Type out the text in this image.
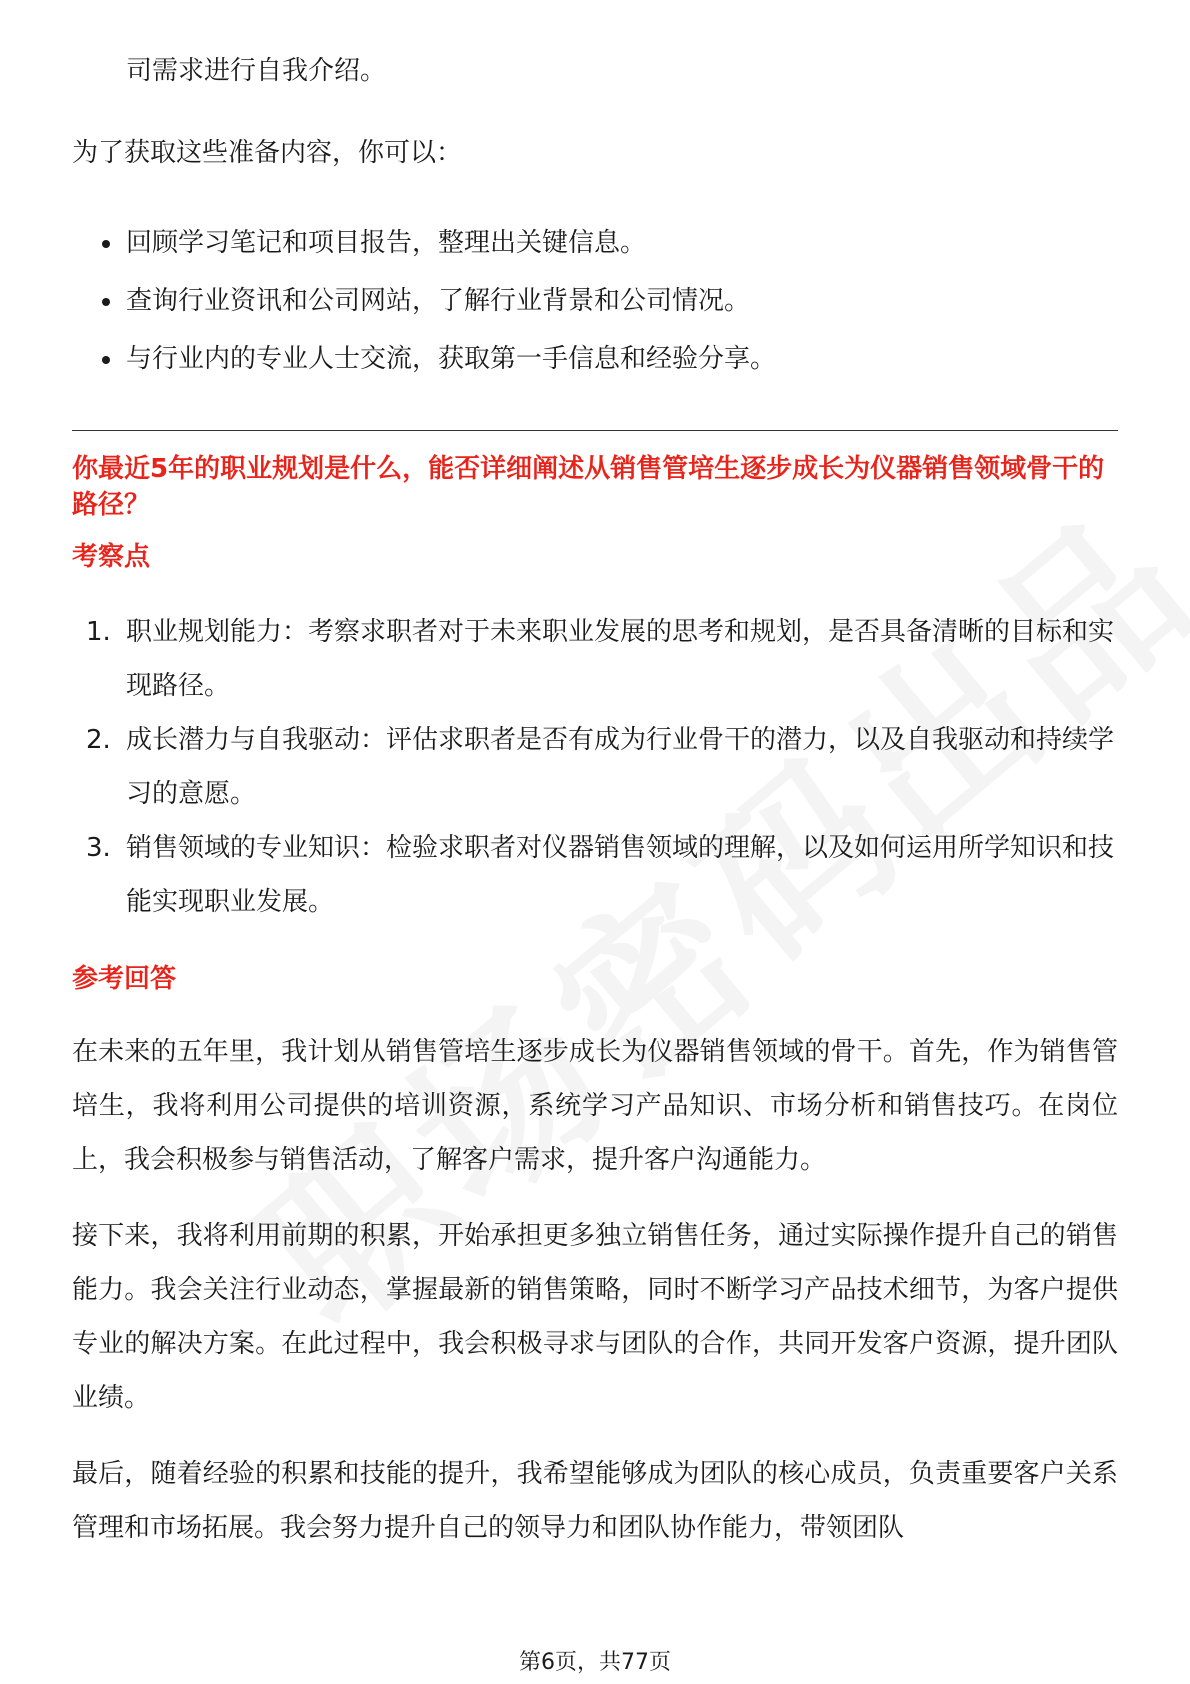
司需求进行自我介绍。

为了获取这些准备内容，你可以：

回顾学习笔记和项目报告，整理出关键信息。
查询行业资讯和公司网站，了解行业背景和公司情况。
与行业内的专业人士交流，获取第一手信息和经验分享。
你最近5年的职业规划是什么，能否详细阐述从销售管培生逐步成长为仪器销售领域骨干的路径？
考察点
1. 职业规划能力：考察求职者对于未来职业发展的思考和规划，是否具备清晰的目标和实现路径。
2. 成长潜力与自我驱动：评估求职者是否有成为行业骨干的潜力，以及自我驱动和持续学习的意愿。
3. 销售领域的专业知识：检验求职者对仪器销售领域的理解，以及如何运用所学知识和技能实现职业发展。
参考回答

在未来的五年里，我计划从销售管培生逐步成长为仪器销售领域的骨干。首先，作为销售管培生，我将利用公司提供的培训资源，系统学习产品知识、市场分析和销售技巧。在岗位上，我会积极参与销售活动，了解客户需求，提升客户沟通能力。

接下来，我将利用前期的积累，开始承担更多独立销售任务，通过实际操作提升自己的销售能力。我会关注行业动态，掌握最新的销售策略，同时不断学习产品技术细节，为客户提供专业的解决方案。在此过程中，我会积极寻求与团队的合作，共同开发客户资源，提升团队业绩。

最后，随着经验的积累和技能的提升，我希望能够成为团队的核心成员，负责重要客户关系管理和市场拓展。我会努力提升自己的领导力和团队协作能力，带领团队

第6页，共77页
